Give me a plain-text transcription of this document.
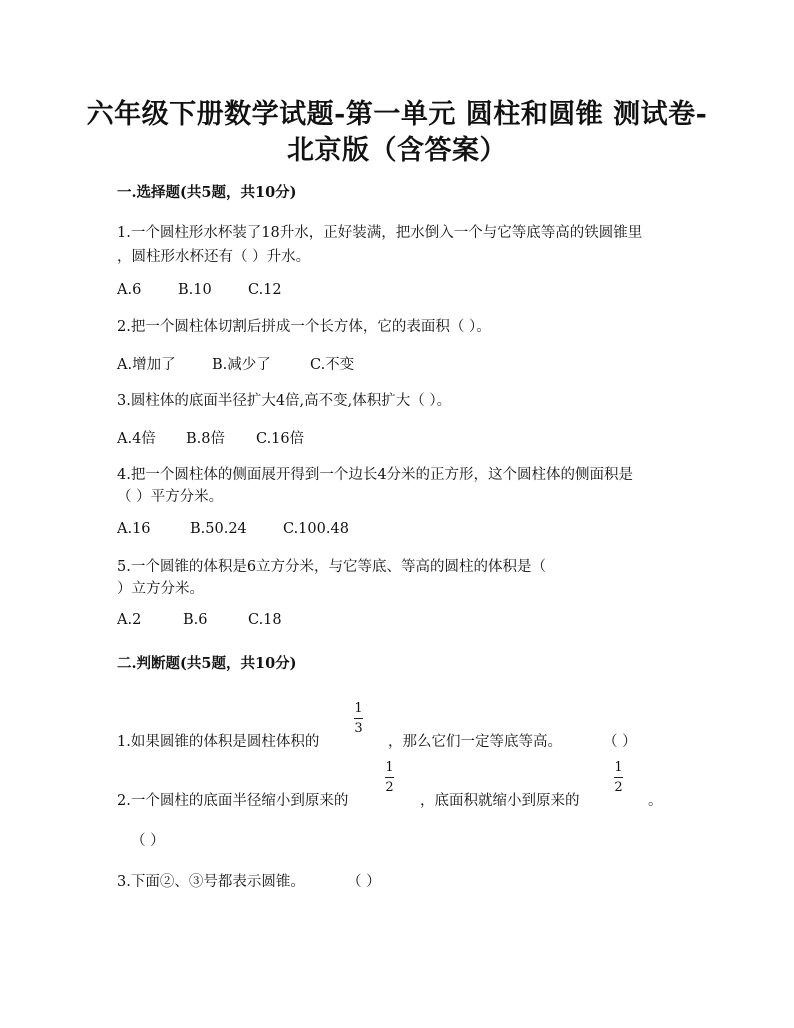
六年级下册数学试题-第一单元 圆柱和圆锥 测试卷-
北京版（含答案）
一.选择题(共5题，共10分)
1.一个圆柱形水杯装了18升水，正好装满，把水倒入一个与它等底等高的铁圆锥里
，圆柱形水杯还有（ ）升水。
A.6	B.10	C.12
2.把一个圆柱体切割后拼成一个长方体，它的表面积（ ）。
A.增加了	B.减少了	C.不变
3.圆柱体的底面半径扩大4倍,高不变,体积扩大（ ）。
A.4倍 B.8倍 C.16倍
4.把一个圆柱体的侧面展开得到一个边长4分米的正方形，这个圆柱体的侧面积是
（ ）平方分米。
A.16	B.50.24 C.100.48
5.一个圆锥的体积是6立方分米，与它等底、等高的圆柱的体积是（
）立方分米。
A.2	B.6	C.18
二.判断题(共5题，共10分)
1.如果圆锥的体积是圆柱体积的
1
3
，那么它们一定等底等高。	（ ）
2.一个圆柱的底面半径缩小到原来的
1
2
，底面积就缩小到原来的
1
2
。
（ ）
3.下面②、③号都表示圆锥。	（ ）
